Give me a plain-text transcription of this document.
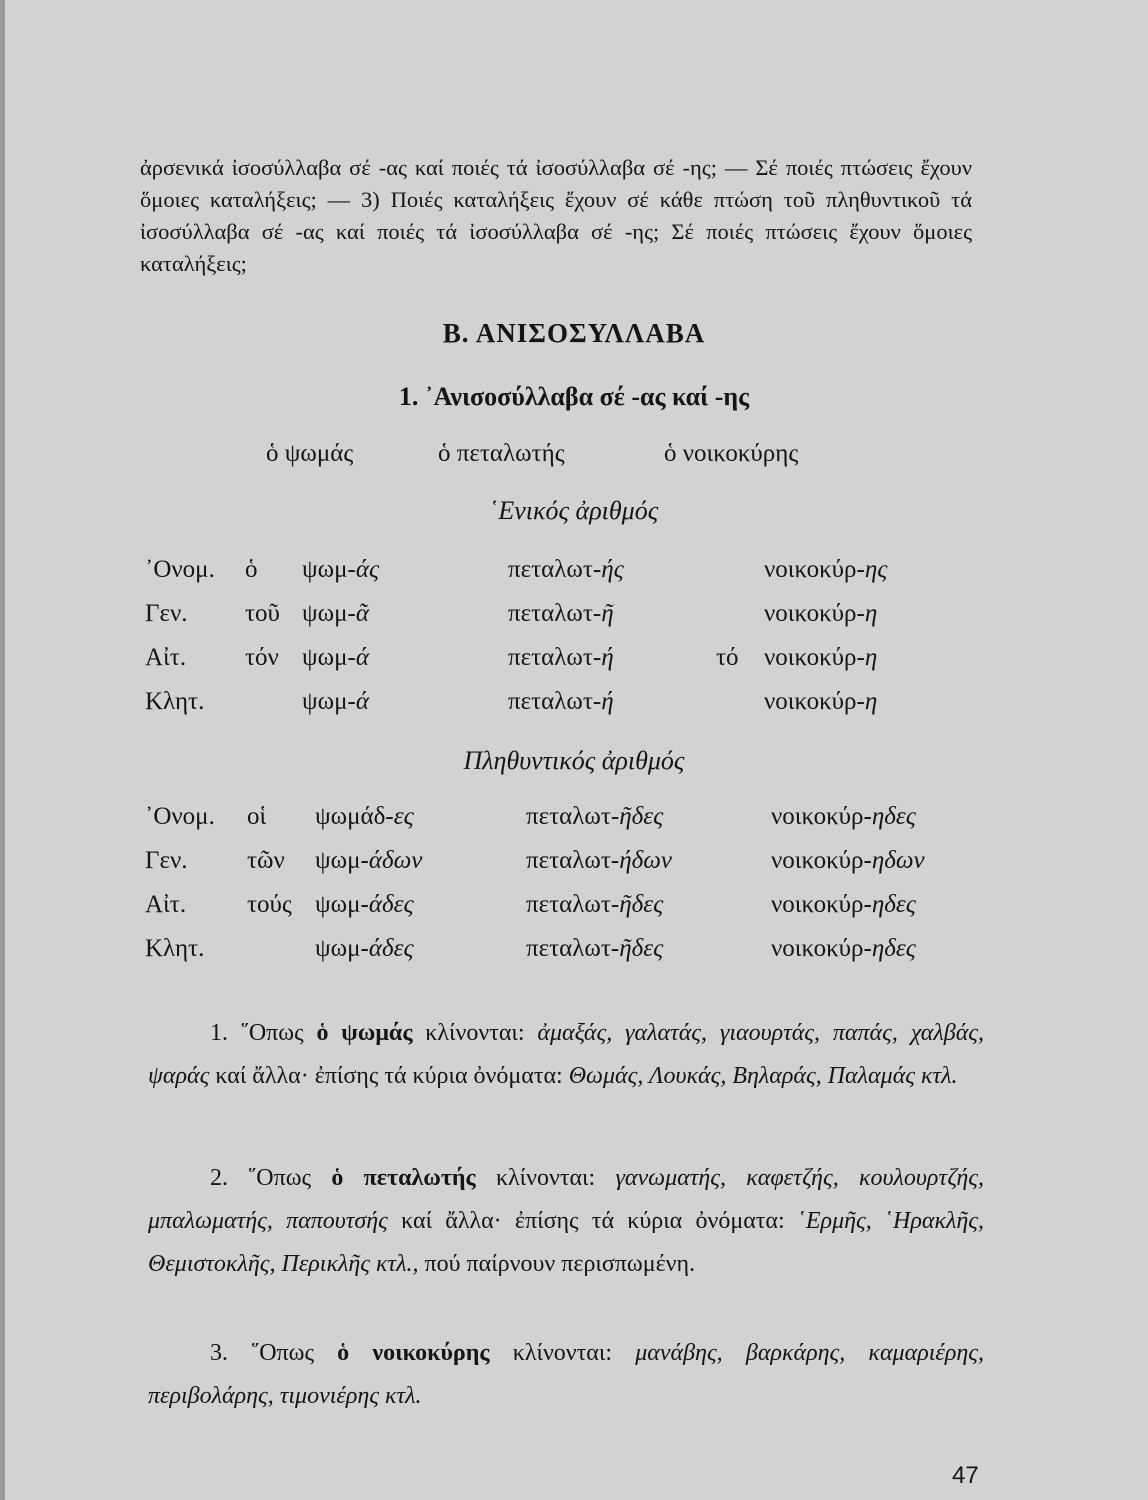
ἀρσενικά ἰσοσύλλαβα σέ -ας καί ποιές τά ἰσοσύλλαβα σέ -ης; — Σέ ποιές πτώσεις ἔχουν ὅμοιες καταλήξεις; — 3) Ποιές καταλήξεις ἔχουν σέ κάθε πτώση τοῦ πληθυντικοῦ τά ἰσοσύλλαβα σέ -ας καί ποιές τά ἰσοσύλλαβα σέ -ης; Σέ ποιές πτώσεις ἔχουν ὅμοιες καταλήξεις;
Β. ΑΝΙΣΟΣΥΛΛΑΒΑ
1. ᾿Ανισοσύλλαβα σέ -ας καί -ης
ὁ ψωμάς	ὁ πεταλωτής	ὁ νοικοκύρης
῾Ενικός ἀριθμός
᾿Ονομ. ὁ ψωμ-άς	πεταλωτ-ής	νοικοκύρ-ης
Γεν. τοῦ ψωμ-ᾶ	πεταλωτ-ῆ	νοικοκύρ-η
Αἰτ. τόν ψωμ-ά	πεταλωτ-ή	τό νοικοκύρ-η
Κλητ.	ψωμ-ά	πεταλωτ-ή	νοικοκύρ-η
Πληθυντικός ἀριθμός
᾿Ονομ. οἱ ψωμάδ-ες	πεταλωτ-ῆδες	νοικοκύρ-ηδες
Γεν. τῶν ψωμ-άδων	πεταλωτ-ήδων	νοικοκύρ-ηδων
Αἰτ. τούς ψωμ-άδες	πεταλωτ-ῆδες	νοικοκύρ-ηδες
Κλητ.	ψωμ-άδες	πεταλωτ-ῆδες	νοικοκύρ-ηδες
1. ῞Οπως ὁ ψωμάς κλίνονται: ἀμαξάς, γαλατάς, γιαουρτάς, παπάς, χαλβάς, ψαράς καί ἄλλα· ἐπίσης τά κύρια ὀνόματα: Θωμάς, Λουκάς, Βηλαράς, Παλαμάς κτλ.
2. ῞Οπως ὁ πεταλωτής κλίνονται: γανωματής, καφετζής, κουλουρτζής, μπαλωματής, παπουτσής καί ἄλλα· ἐπίσης τά κύρια ὀνόματα: ῾Ερμῆς, ῾Ηρακλῆς, Θεμιστοκλῆς, Περικλῆς κτλ., πού παίρνουν περισπωμένη.
3. ῞Οπως ὁ νοικοκύρης κλίνονται: μανάβης, βαρκάρης, καμαριέρης, περιβολάρης, τιμονιέρης κτλ.
47
